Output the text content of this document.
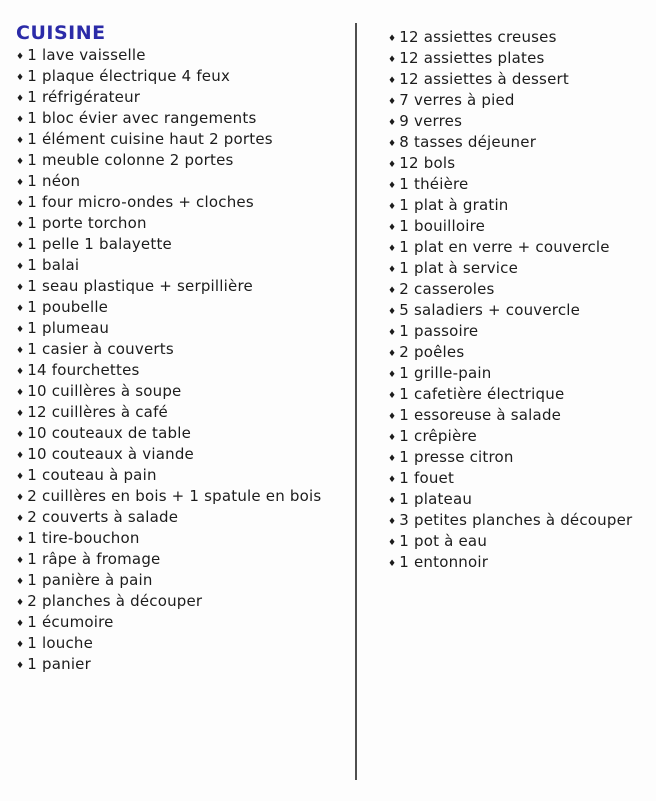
CUISINE
♦ 1 lave vaisselle
♦ 1 plaque électrique 4 feux
♦ 1 réfrigérateur
♦ 1 bloc évier avec rangements
♦ 1 élément cuisine haut 2 portes
♦ 1 meuble colonne 2 portes
♦ 1 néon
♦ 1 four micro-ondes + cloches
♦ 1 porte torchon
♦ 1 pelle 1 balayette
♦ 1 balai
♦ 1 seau plastique + serpillière
♦ 1 poubelle
♦ 1 plumeau
♦ 1 casier à couverts
♦ 14 fourchettes
♦ 10 cuillères à soupe
♦ 12 cuillères à café
♦ 10 couteaux de table
♦ 10 couteaux à viande
♦ 1 couteau à pain
♦ 2 cuillères en bois + 1 spatule en bois
♦ 2 couverts à salade
♦ 1 tire-bouchon
♦ 1 râpe à fromage
♦ 1 panière à pain
♦ 2 planches à découper
♦ 1 écumoire
♦ 1 louche
♦ 1 panier
♦ 12 assiettes creuses
♦ 12 assiettes plates
♦ 12 assiettes à dessert
♦ 7 verres à pied
♦ 9 verres
♦ 8 tasses déjeuner
♦ 12 bols
♦ 1 théière
♦ 1 plat à gratin
♦ 1 bouilloire
♦ 1 plat en verre + couvercle
♦ 1 plat à service
♦ 2 casseroles
♦ 5 saladiers + couvercle
♦ 1 passoire
♦ 2 poêles
♦ 1 grille-pain
♦ 1 cafetière électrique
♦ 1 essoreuse à salade
♦ 1 crêpière
♦ 1 presse citron
♦ 1 fouet
♦ 1 plateau
♦ 3 petites planches à découper
♦ 1 pot à eau
♦ 1 entonnoir
